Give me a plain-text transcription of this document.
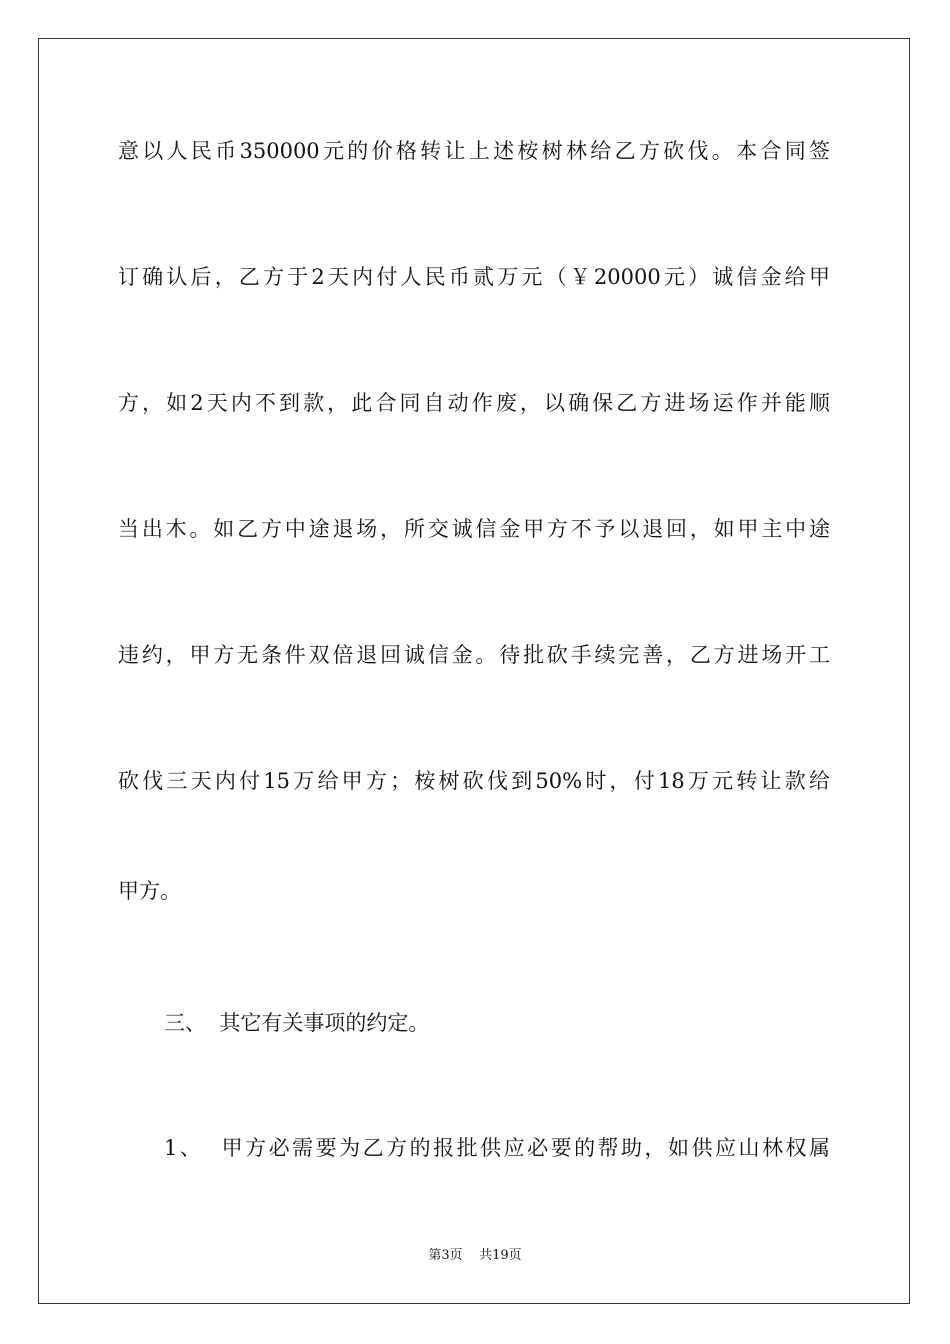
意以人民币350000元的价格转让上述桉树林给乙方砍伐。本合同签
订确认后，乙方于2天内付人民币贰万元（￥20000元）诚信金给甲
方，如2天内不到款，此合同自动作废，以确保乙方进场运作并能顺
当出木。如乙方中途退场，所交诚信金甲方不予以退回，如甲主中途
违约，甲方无条件双倍退回诚信金。待批砍手续完善，乙方进场开工
砍伐三天内付15万给甲方；桉树砍伐到50%时，付18万元转让款给
甲方。
三、  其它有关事项的约定。
1、  甲方必需要为乙方的报批供应必要的帮助，如供应山林权属
第3页    共19页
